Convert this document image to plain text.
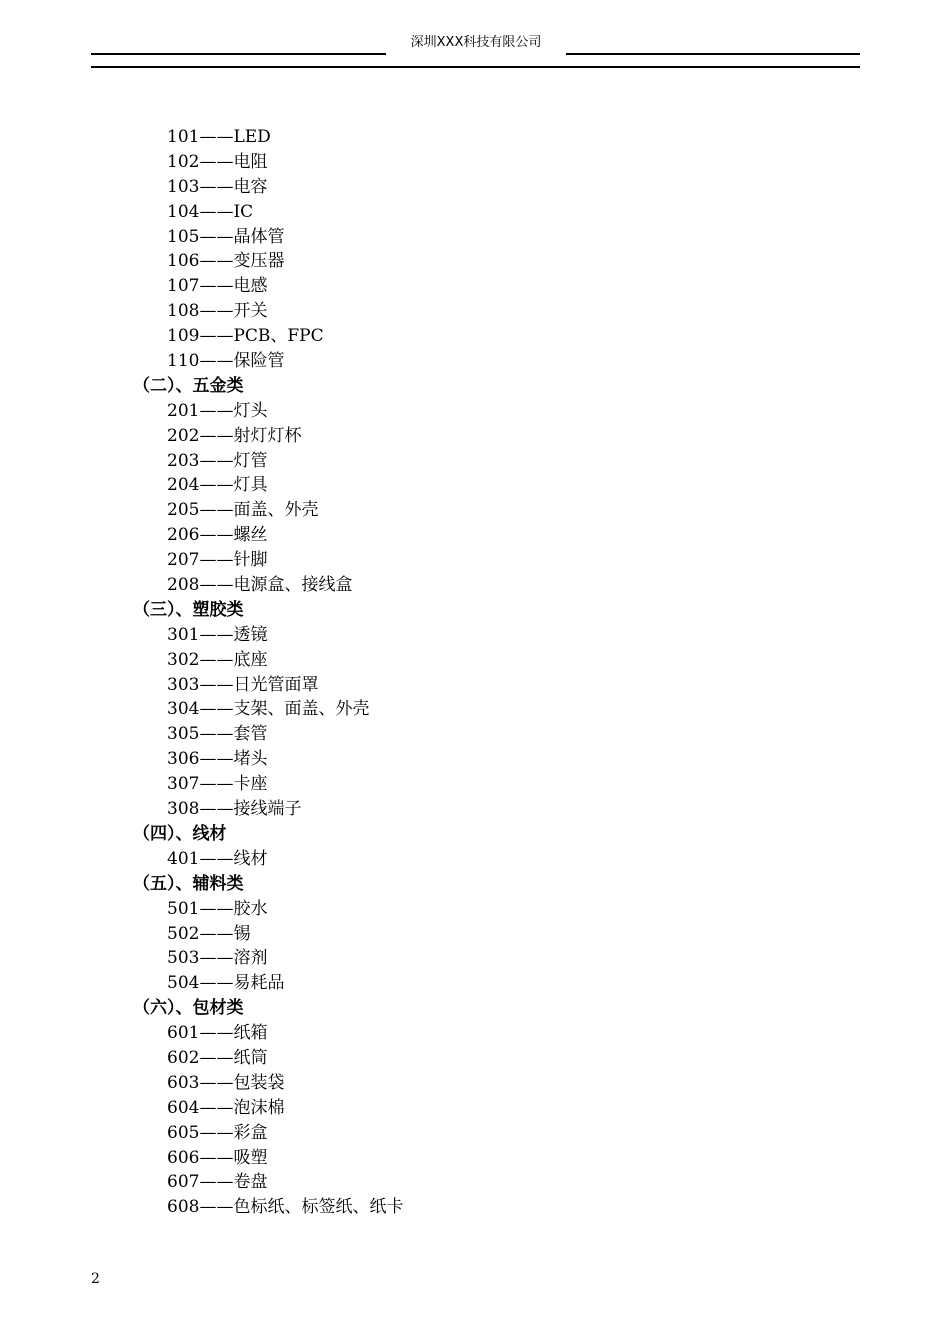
深圳XXX科技有限公司
101——LED
102——电阻
103——电容
104——IC
105——晶体管
106——变压器
107——电感
108——开关
109——PCB、FPC
110——保险管
（二）、五金类
201——灯头
202——射灯灯杯
203——灯管
204——灯具
205——面盖、外壳
206——螺丝
207——针脚
208——电源盒、接线盒
（三）、塑胶类
301——透镜
302——底座
303——日光管面罩
304——支架、面盖、外壳
305——套管
306——堵头
307——卡座
308——接线端子
（四）、线材
401——线材
（五）、辅料类
501——胶水
502——锡
503——溶剂
504——易耗品
（六）、包材类
601——纸箱
602——纸筒
603——包装袋
604——泡沫棉
605——彩盒
606——吸塑
607——卷盘
608——色标纸、标签纸、纸卡
2
